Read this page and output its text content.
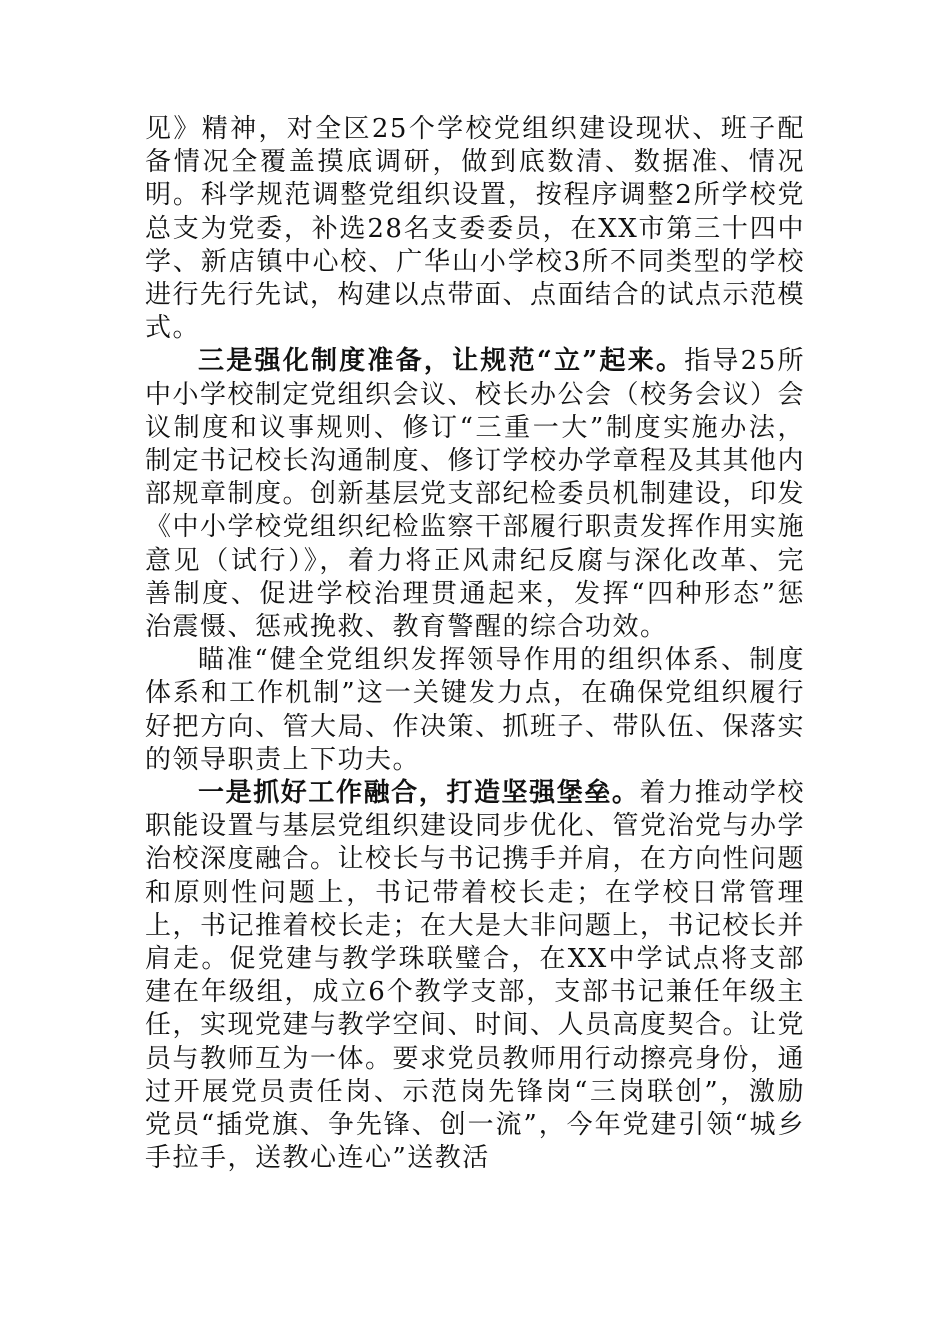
见》精神，对全区25个学校党组织建设现状、班子配备情况全覆盖摸底调研，做到底数清、数据准、情况明。科学规范调整党组织设置，按程序调整2所学校党总支为党委，补选28名支委委员，在XX市第三十四中学、新店镇中心校、广华山小学校3所不同类型的学校进行先行先试，构建以点带面、点面结合的试点示范模式。

三是强化制度准备，让规范“立”起来。指导25所中小学校制定党组织会议、校长办公会（校务会议）会议制度和议事规则、修订“三重一大”制度实施办法，制定书记校长沟通制度、修订学校办学章程及其其他内部规章制度。创新基层党支部纪检委员机制建设，印发《中小学校党组织纪检监察干部履行职责发挥作用实施意见（试行）》，着力将正风肃纪反腐与深化改革、完善制度、促进学校治理贯通起来，发挥“四种形态”惩治震慑、惩戒挽救、教育警醒的综合功效。

瞄准“健全党组织发挥领导作用的组织体系、制度体系和工作机制”这一关键发力点，在确保党组织履行好把方向、管大局、作决策、抓班子、带队伍、保落实的领导职责上下功夫。

一是抓好工作融合，打造坚强堡垒。着力推动学校职能设置与基层党组织建设同步优化、管党治党与办学治校深度融合。让校长与书记携手并肩，在方向性问题和原则性问题上，书记带着校长走；在学校日常管理上，书记推着校长走；在大是大非问题上，书记校长并肩走。促党建与教学珠联璧合，在XX中学试点将支部建在年级组，成立6个教学支部，支部书记兼任年级主任，实现党建与教学空间、时间、人员高度契合。让党员与教师互为一体。要求党员教师用行动擦亮身份，通过开展党员责任岗、示范岗先锋岗“三岗联创”，激励党员“插党旗、争先锋、创一流”，今年党建引领“城乡手拉手，送教心连心”送教活
